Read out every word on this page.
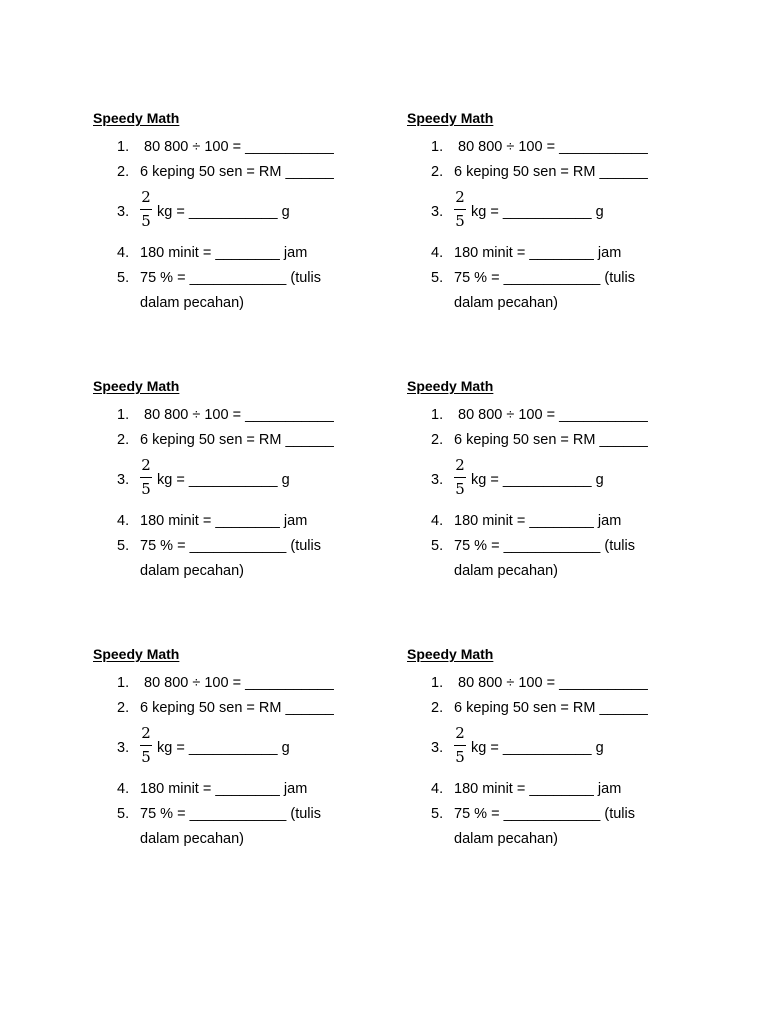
Speedy Math
1.	80 800 ÷ 100 = ___________
2. 6 keping 50 sen = RM ______
3.
2
5 kg = ___________ g
4. 180 minit = ________ jam
5. 75 % = ____________ (tulis
dalam pecahan)
Speedy Math
1.	80 800 ÷ 100 = ___________
2. 6 keping 50 sen = RM ______
3.
2
5 kg = ___________ g
4. 180 minit = ________ jam
5. 75 % = ____________ (tulis
dalam pecahan)
Speedy Math
1.	80 800 ÷ 100 = ___________
2. 6 keping 50 sen = RM ______
3.
2
5 kg = ___________ g
4. 180 minit = ________ jam
5. 75 % = ____________ (tulis
dalam pecahan)
Speedy Math
1.	80 800 ÷ 100 = ___________
2. 6 keping 50 sen = RM ______
3.
2
5 kg = ___________ g
4. 180 minit = ________ jam
5. 75 % = ____________ (tulis
dalam pecahan)
Speedy Math
1.	80 800 ÷ 100 = ___________
2. 6 keping 50 sen = RM ______
3.
2
5 kg = ___________ g
4. 180 minit = ________ jam
5. 75 % = ____________ (tulis
dalam pecahan)
Speedy Math
1.	80 800 ÷ 100 = ___________
2. 6 keping 50 sen = RM ______
3.
2
5 kg = ___________ g
4. 180 minit = ________ jam
5. 75 % = ____________ (tulis
dalam pecahan)
